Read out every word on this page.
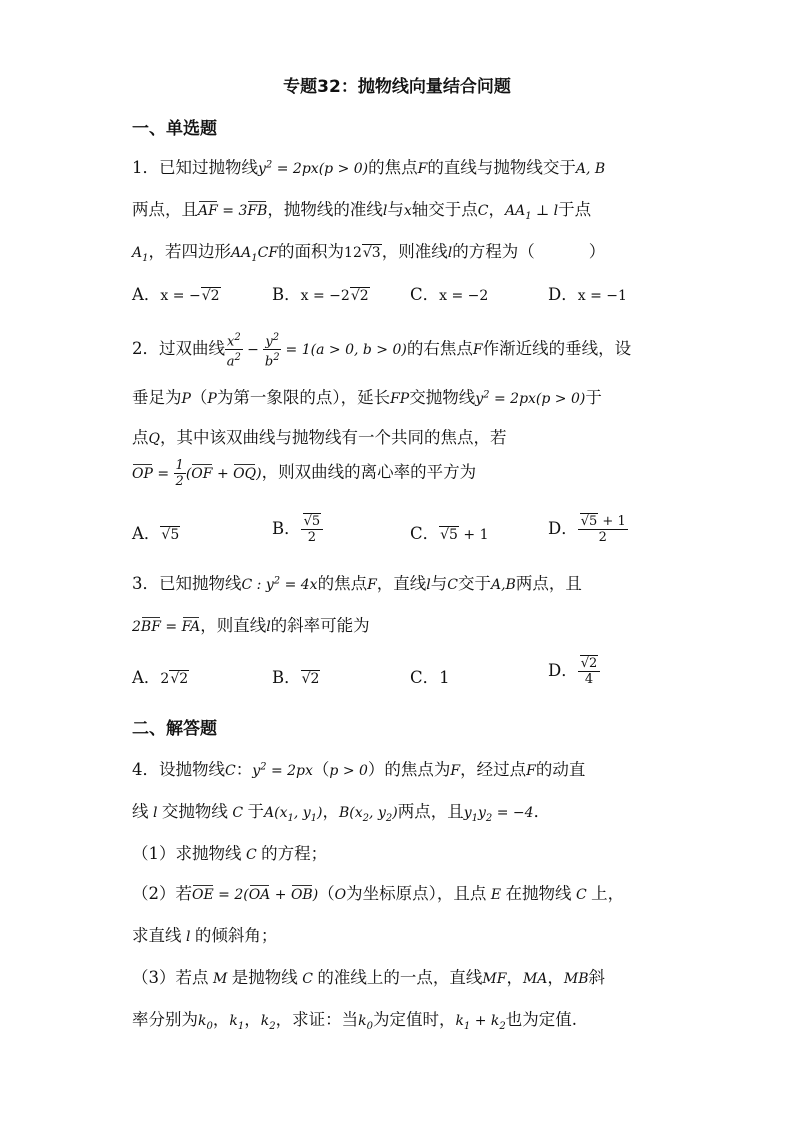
专题32：抛物线向量结合问题
一、单选题
1．已知过抛物线$y^2 = 2px(p > 0)$的焦点F的直线与抛物线交于A, B
两点，且AF = 3FB，抛物线的准线l与x轴交于点C，$AA_1$ ⊥ l于点
$A_1$，若四边形$AA_1CF$的面积为12√3，则准线l的方程为（	）
A．x = −√2	B．x = −2√2	C．x = −2	D．x = −1
2．过双曲线 $\frac{x^2}{a^2} - \frac{y^2}{b^2} = 1(a > 0$, b > 0)的右焦点F作渐近线的垂线，设
垂足为P（P为第一象限的点），延长FP交抛物线$y^2 = 2px(p > 0)$于
点Q，其中该双曲线与抛物线有一个共同的焦点，若
OP = $\frac{1}{2} (OF + OQ)$，则双曲线的离心率的平方为
A．√5	B． $\frac{√5}{2}$	C．√5 + 1	D． $\frac{√5 + 1}{2}$
3．已知抛物线C : $y^2 = 4x$的焦点F，直线l与C交于A,B两点，且
2BF = FA，则直线l的斜率可能为
A．2√2	B．√2	C．1	D． $\frac{√2}{4}$
二、解答题
4．设抛物线C：$y^2 = 2px(p > 0)$的焦点为F，经过点F的动直
线 l 交抛物线 C 于$A(x_1$, $y_1$)，$B(x_2$, $y_2$)两点，且$y_1y_2 = -4$．
（1）求抛物线 C 的方程；
（2）若OE = 2(OA + OB)（O为坐标原点），且点 E 在抛物线 C 上，
求直线 l 的倾斜角；
（3）若点 M 是抛物线 C 的准线上的一点，直线MF，MA，MB斜
率分别为$k_0$，$k_1$，$k_2$，求证：当$k_0$为定值时，$k_1 + k_2$也为定值.
